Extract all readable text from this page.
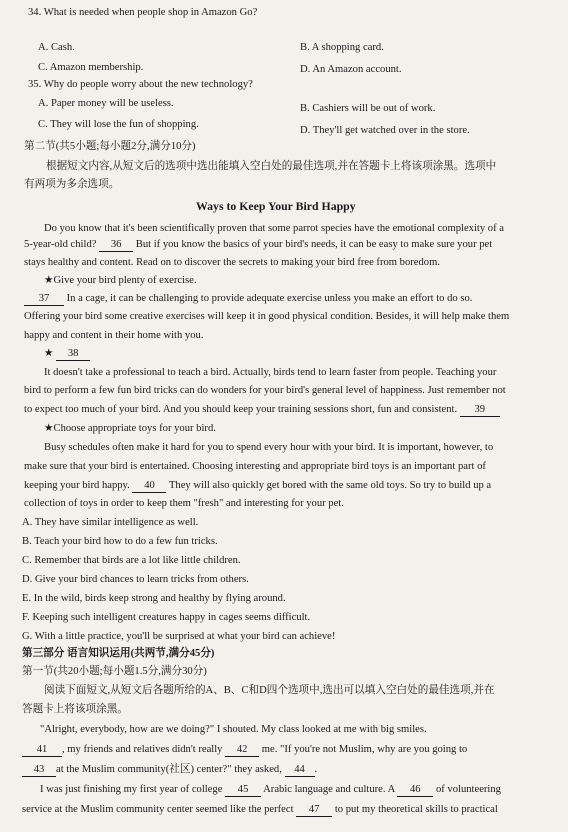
34. What is needed when people shop in Amazon Go?
A. Cash.	B. A shopping card.
C. Amazon membership.	D. An Amazon account.
35. Why do people worry about the new technology?
A. Paper money will be useless.	B. Cashiers will be out of work.
C. They will lose the fun of shopping.
D. They'll get watched over in the store.
第二节(共5小题;每小题2分,满分10分)
根据短文内容,从短文后的选项中选出能填入空白处的最佳选项,并在答题卡上将该项涂黑。选项中
有两项为多余选项。
Ways to Keep Your Bird Happy
Do you know that it's been scientifically proven that some parrot species have the emotional complexity of a
5-year-old child? 36 But if you know the basics of your bird's needs, it can be easy to make sure your pet
stays healthy and content. Read on to discover the secrets to making your bird free from boredom.
★Give your bird plenty of exercise.
37 In a cage, it can be challenging to provide adequate exercise unless you make an effort to do so.
Offering your bird some creative exercises will keep it in good physical condition. Besides, it will help make them
happy and content in their home with you.
★ 38
It doesn't take a professional to teach a bird. Actually, birds tend to learn faster from people. Teaching your
bird to perform a few fun bird tricks can do wonders for your bird's general level of happiness. Just remember not
to expect too much of your bird. And you should keep your training sessions short, fun and consistent. 39
★Choose appropriate toys for your bird.
Busy schedules often make it hard for you to spend every hour with your bird. It is important, however, to
make sure that your bird is entertained. Choosing interesting and appropriate bird toys is an important part of
keeping your bird happy. 40 They will also quickly get bored with the same old toys. So try to build up a
collection of toys in order to keep them "fresh" and interesting for your pet.
A. They have similar intelligence as well.
B. Teach your bird how to do a few fun tricks.
C. Remember that birds are a lot like little children.
D. Give your bird chances to learn tricks from others.
E. In the wild, birds keep strong and healthy by flying around.
F. Keeping such intelligent creatures happy in cages seems difficult.
G. With a little practice, you'll be surprised at what your bird can achieve!
第三部分 语言知识运用(共两节,满分45分)
第一节(共20小题;每小题1.5分,满分30分)
阅读下面短文,从短文后各题所给的A、B、C和D四个选项中,选出可以填入空白处的最佳选项,并在
答题卡上将该项涂黑。
"Alright, everybody, how are we doing?" I shouted. My class looked at me with big smiles.
41 , my friends and relatives didn't really 42 me. "If you're not Muslim, why are you going to
43 at the Muslim community(社区) center?" they asked, 44 .
I was just finishing my first year of college 45 Arabic language and culture. A 46 of volunteering
service at the Muslim community center seemed like the perfect 47 to put my theoretical skills to practical
